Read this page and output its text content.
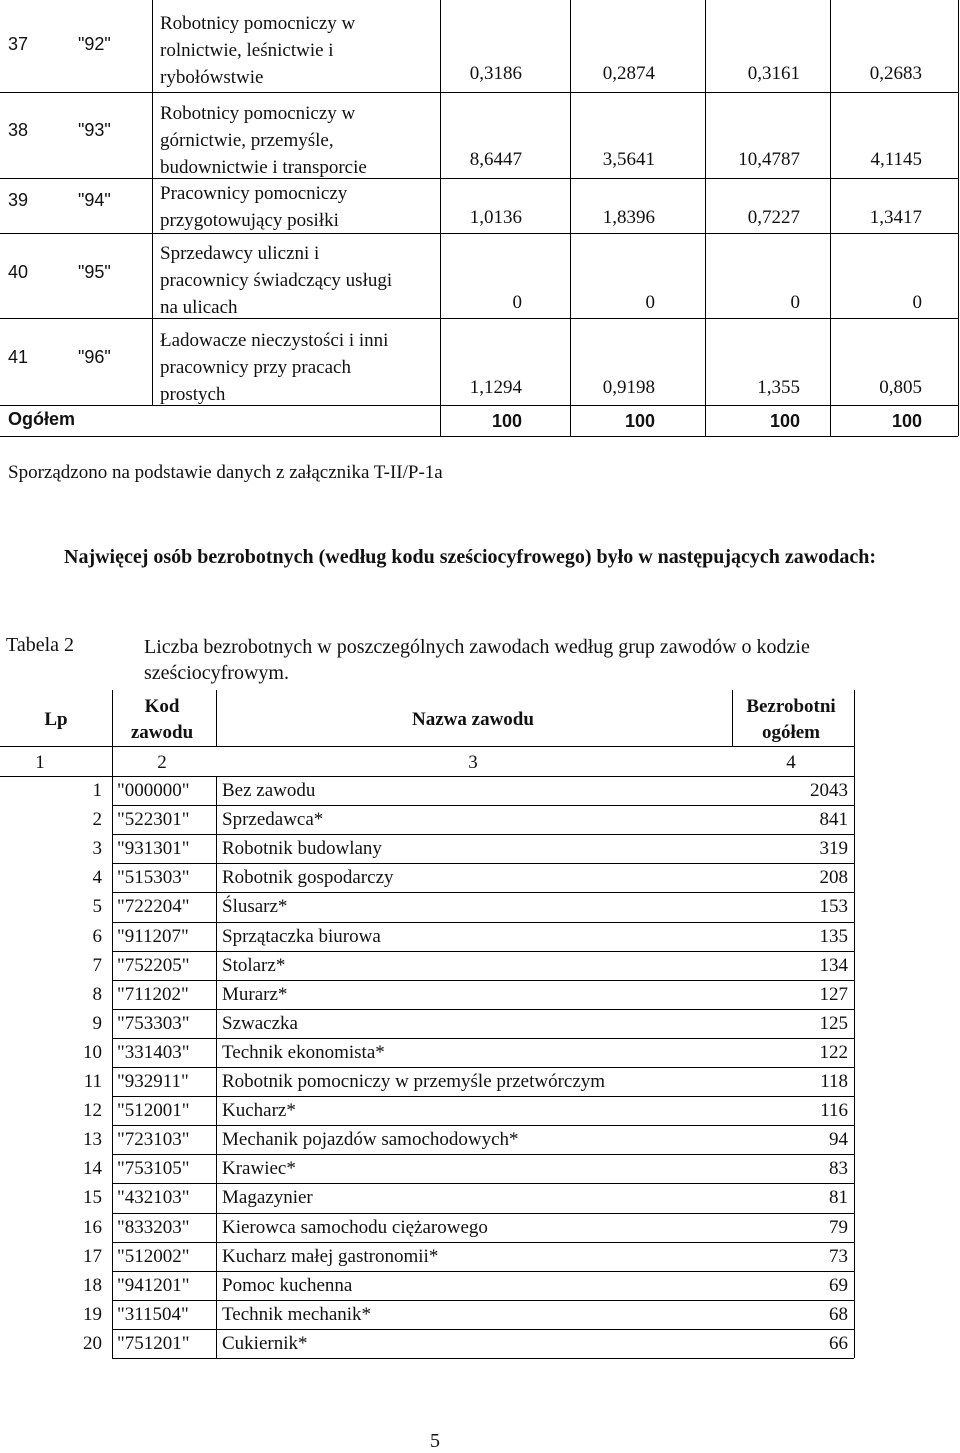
37	"92"
Robotnicy pomocniczy w
rolnictwie, leśnictwie i
rybołówstwie	0,3186	0,2874	0,3161	0,2683
38	"93"
Robotnicy pomocniczy w
górnictwie, przemyśle,
budownictwie i transporcie	8,6447	3,5641	10,4787	4,1145
39	"94"	Pracownicy pomocniczy
przygotowujący posiłki	1,0136	1,8396	0,7227	1,3417
40	"95"
Sprzedawcy uliczni i
pracownicy świadczący usługi
na ulicach	0	0	0	0
41	"96"
Ładowacze nieczystości i inni
pracownicy przy pracach
prostych	1,1294	0,9198	1,355	0,805
Ogółem	100	100	100	100
Sporządzono na podstawie danych z załącznika T-II/P-1a
Najwięcej osób bezrobotnych (według kodu sześciocyfrowego) było w następujących zawodach:
Tabela 2	Liczba bezrobotnych w poszczególnych zawodach według grup zawodów o kodzie sześciocyfrowym.
Lp
Kod zawodu
Nazwa zawodu
Bezrobotni ogółem
1	2	3	4
1 "000000" Bez zawodu	2043
2 "522301" Sprzedawca*	841
3 "931301" Robotnik budowlany	319
4 "515303" Robotnik gospodarczy	208
5 "722204" Ślusarz*	153
6 "911207" Sprzątaczka biurowa	135
7 "752205" Stolarz*	134
8 "711202" Murarz*	127
9 "753303" Szwaczka	125
10 "331403" Technik ekonomista*	122
11 "932911" Robotnik pomocniczy w przemyśle przetwórczym	118
12 "512001" Kucharz*	116
13 "723103" Mechanik pojazdów samochodowych*	94
14 "753105" Krawiec*	83
15 "432103" Magazynier	81
16 "833203" Kierowca samochodu ciężarowego	79
17 "512002" Kucharz małej gastronomii*	73
18 "941201" Pomoc kuchenna	69
19 "311504" Technik mechanik*	68
20 "751201" Cukiernik*	66
5
